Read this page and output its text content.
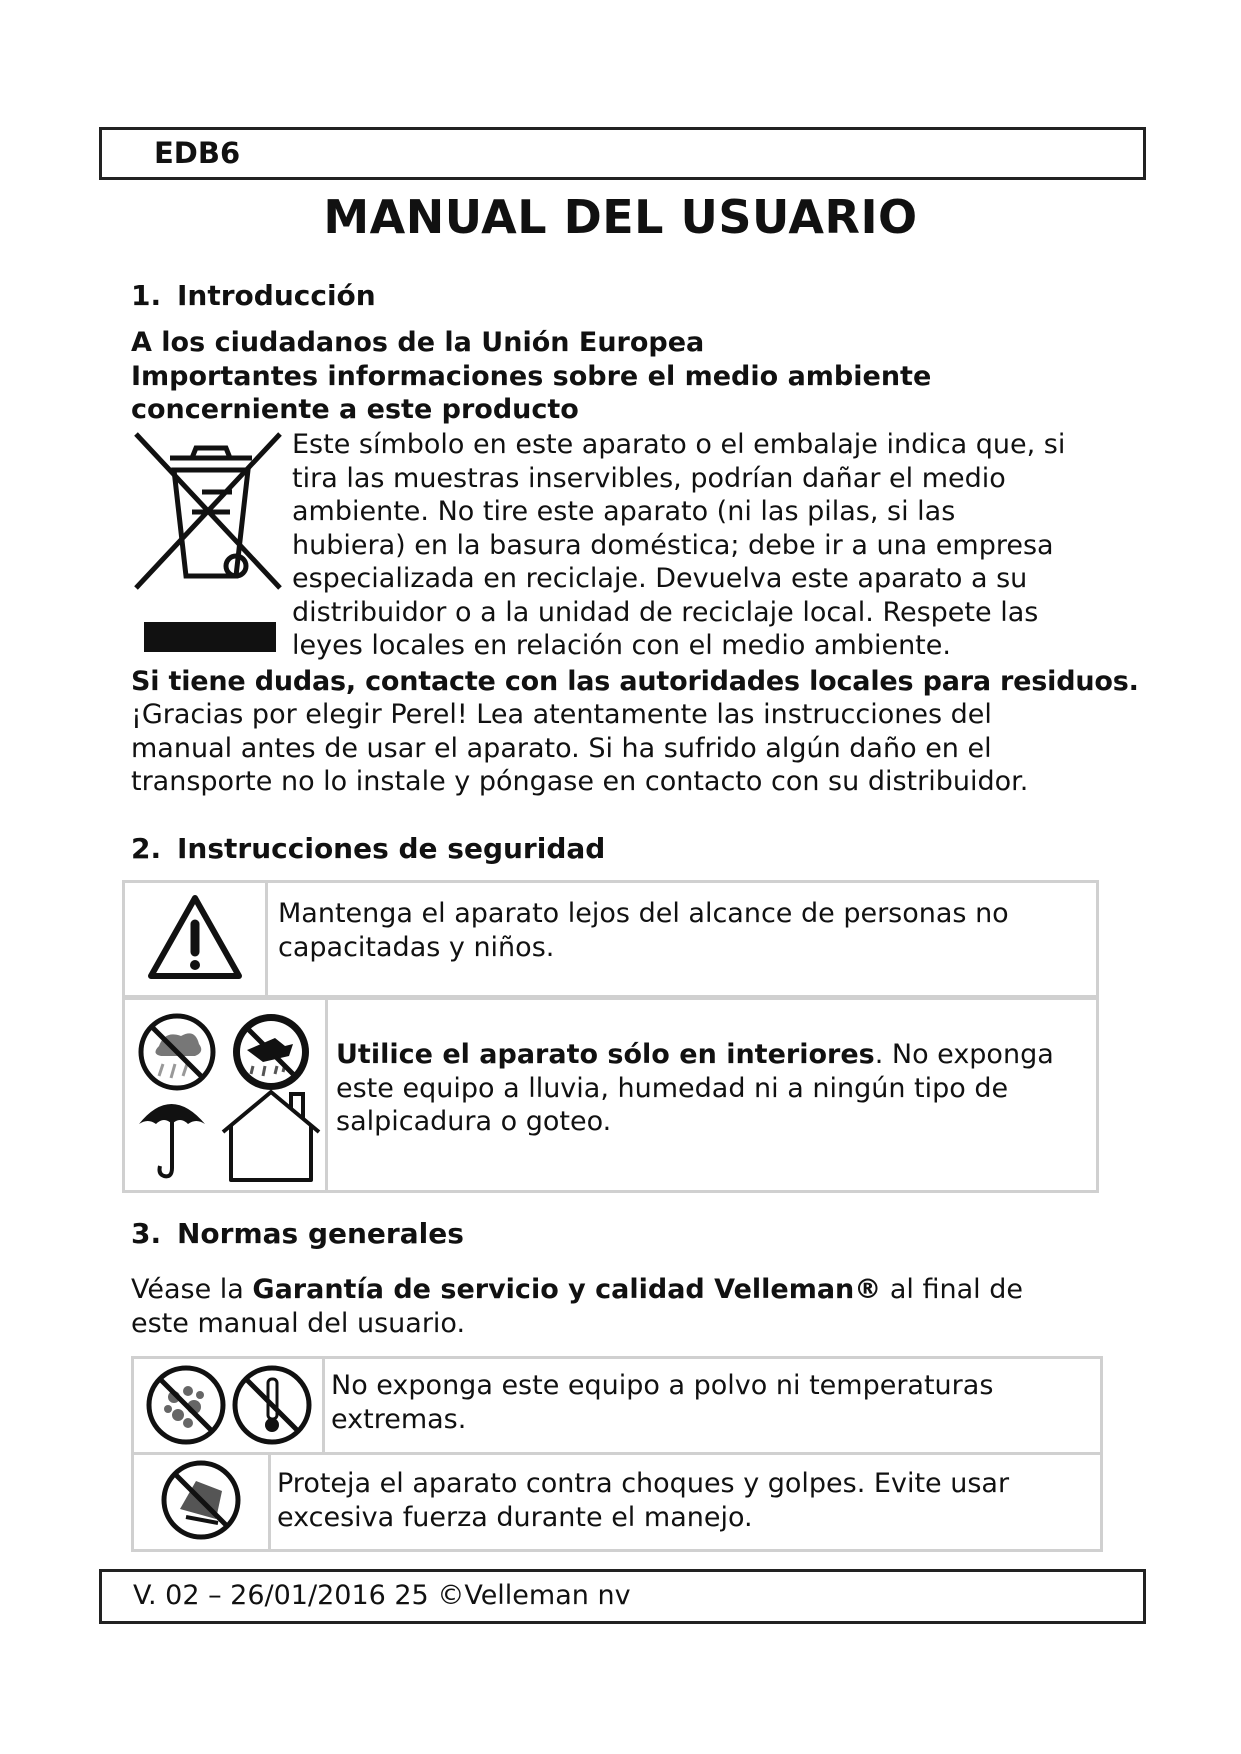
EDB6
MANUAL DEL USUARIO
1. Introducción
A los ciudadanos de la Unión Europea
Importantes informaciones sobre el medio ambiente
concerniente a este producto
Este símbolo en este aparato o el embalaje indica que, si
tira las muestras inservibles, podrían dañar el medio
ambiente. No tire este aparato (ni las pilas, si las
hubiera) en la basura doméstica; debe ir a una empresa
especializada en reciclaje. Devuelva este aparato a su
distribuidor o a la unidad de reciclaje local. Respete las
leyes locales en relación con el medio ambiente.
Si tiene dudas, contacte con las autoridades locales para residuos.
¡Gracias por elegir Perel! Lea atentamente las instrucciones del
manual antes de usar el aparato. Si ha sufrido algún daño en el
transporte no lo instale y póngase en contacto con su distribuidor.
2. Instrucciones de seguridad

Mantenga el aparato lejos del alcance de personas no
capacitadas y niños.

Utilice el aparato sólo en interiores. No exponga
este equipo a lluvia, humedad ni a ningún tipo de
salpicadura o goteo.
3. Normas generales
Véase la Garantía de servicio y calidad Velleman® al final de
este manual del usuario.

No exponga este equipo a polvo ni temperaturas
extremas.

Proteja el aparato contra choques y golpes. Evite usar
excesiva fuerza durante el manejo.
V. 02 – 26/01/2016 25 ©Velleman nv
